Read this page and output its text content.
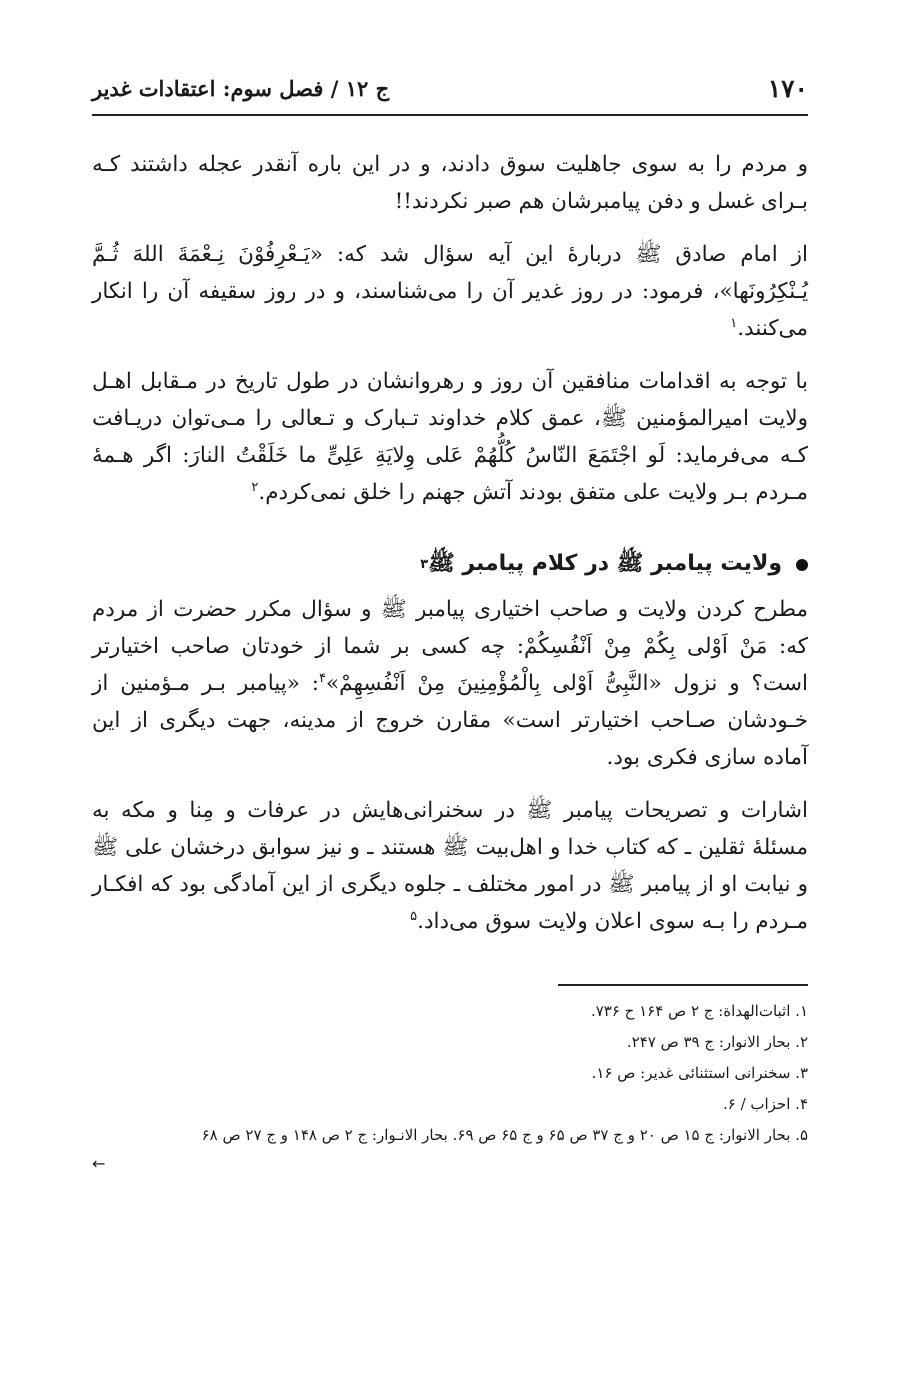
۱۷۰
ج ۱۲ / فصل سوم: اعتقادات غدیر

و مردم را به سوی جاهلیت سوق دادند، و در این باره آنقدر عجله داشتند کـه بـرای غسل و دفن پیامبرشان هم صبر نکردند!!

از امام صادق ﷺ دربارهٔ این آیه سؤال شد که: «یَـعْرِفُوْنَ نِـعْمَةَ اللهَ ثُـمَّ یُـنْکِرُونَها»، فرمود: در روز غدیر آن را می‌شناسند، و در روز سقیفه آن را انکار می‌کنند.$^۱$

با توجه به اقدامات منافقین آن روز و رهروانشان در طول تاریخ در مـقابل اهـل ولایت امیرالمؤمنین ﷺ، عمق کلام خداوند تـبارک و تـعالی را مـی‌توان دریـافت کـه می‌فرماید: لَو اجْتَمَعَ النّاسُ کُلُّهُمْ عَلی وِلایَةِ عَلِیٍّ ما خَلَقْتُ النارَ: اگر هـمهٔ مـردم بـر ولایت علی متفق بودند آتش جهنم را خلق نمی‌کردم.$^۲$

ولایت پیامبر ﷺ در کلام پیامبر ﷺ
۳

مطرح کردن ولایت و صاحب اختیاری پیامبر ﷺ و سؤال مکرر حضرت از مردم که: مَنْ اَوْلی بِکُمْ مِنْ اَنْفُسِکُمْ: چه کسی بر شما از خودتان صاحب اختیارتر است؟ و نزول «النَّبِیُّ اَوْلی بِالْمُؤْمِنِینَ مِنْ اَنْفُسِهِمْ»$^۴$: «پیامبر بـر مـؤمنین از خـودشان صـاحب اختیارتر است» مقارن خروج از مدینه، جهت دیگری از این آماده سازی فکری بود.

اشارات و تصریحات پیامبر ﷺ در سخنرانی‌هایش در عرفات و مِنا و مکه به مسئلهٔ ثقلین ـ که کتاب خدا و اهل‌بیت ﷺ هستند ـ و نیز سوابق درخشان علی ﷺ و نیابت او از پیامبر ﷺ در امور مختلف ـ جلوه دیگری از این آمادگی بود که افکـار مـردم را بـه سوی اعلان ولایت سوق می‌داد.$^۵$

۱. اثبات‌الهداة: ج ۲ ص ۱۶۴ ح ۷۳۶.
۲. بحار الانوار: ج ۳۹ ص ۲۴۷.
۳. سخنرانی استثنائی غدیر: ص ۱۶.
۴. احزاب / ۶.
۵. بحار الانوار: ج ۱۵ ص ۲۰ و ج ۳۷ ص ۶۵ و ج ۶۵ ص ۶۹. بحار الانـوار: ج ۲ ص ۱۴۸ و ج ۲۷ ص ۶۸
←
